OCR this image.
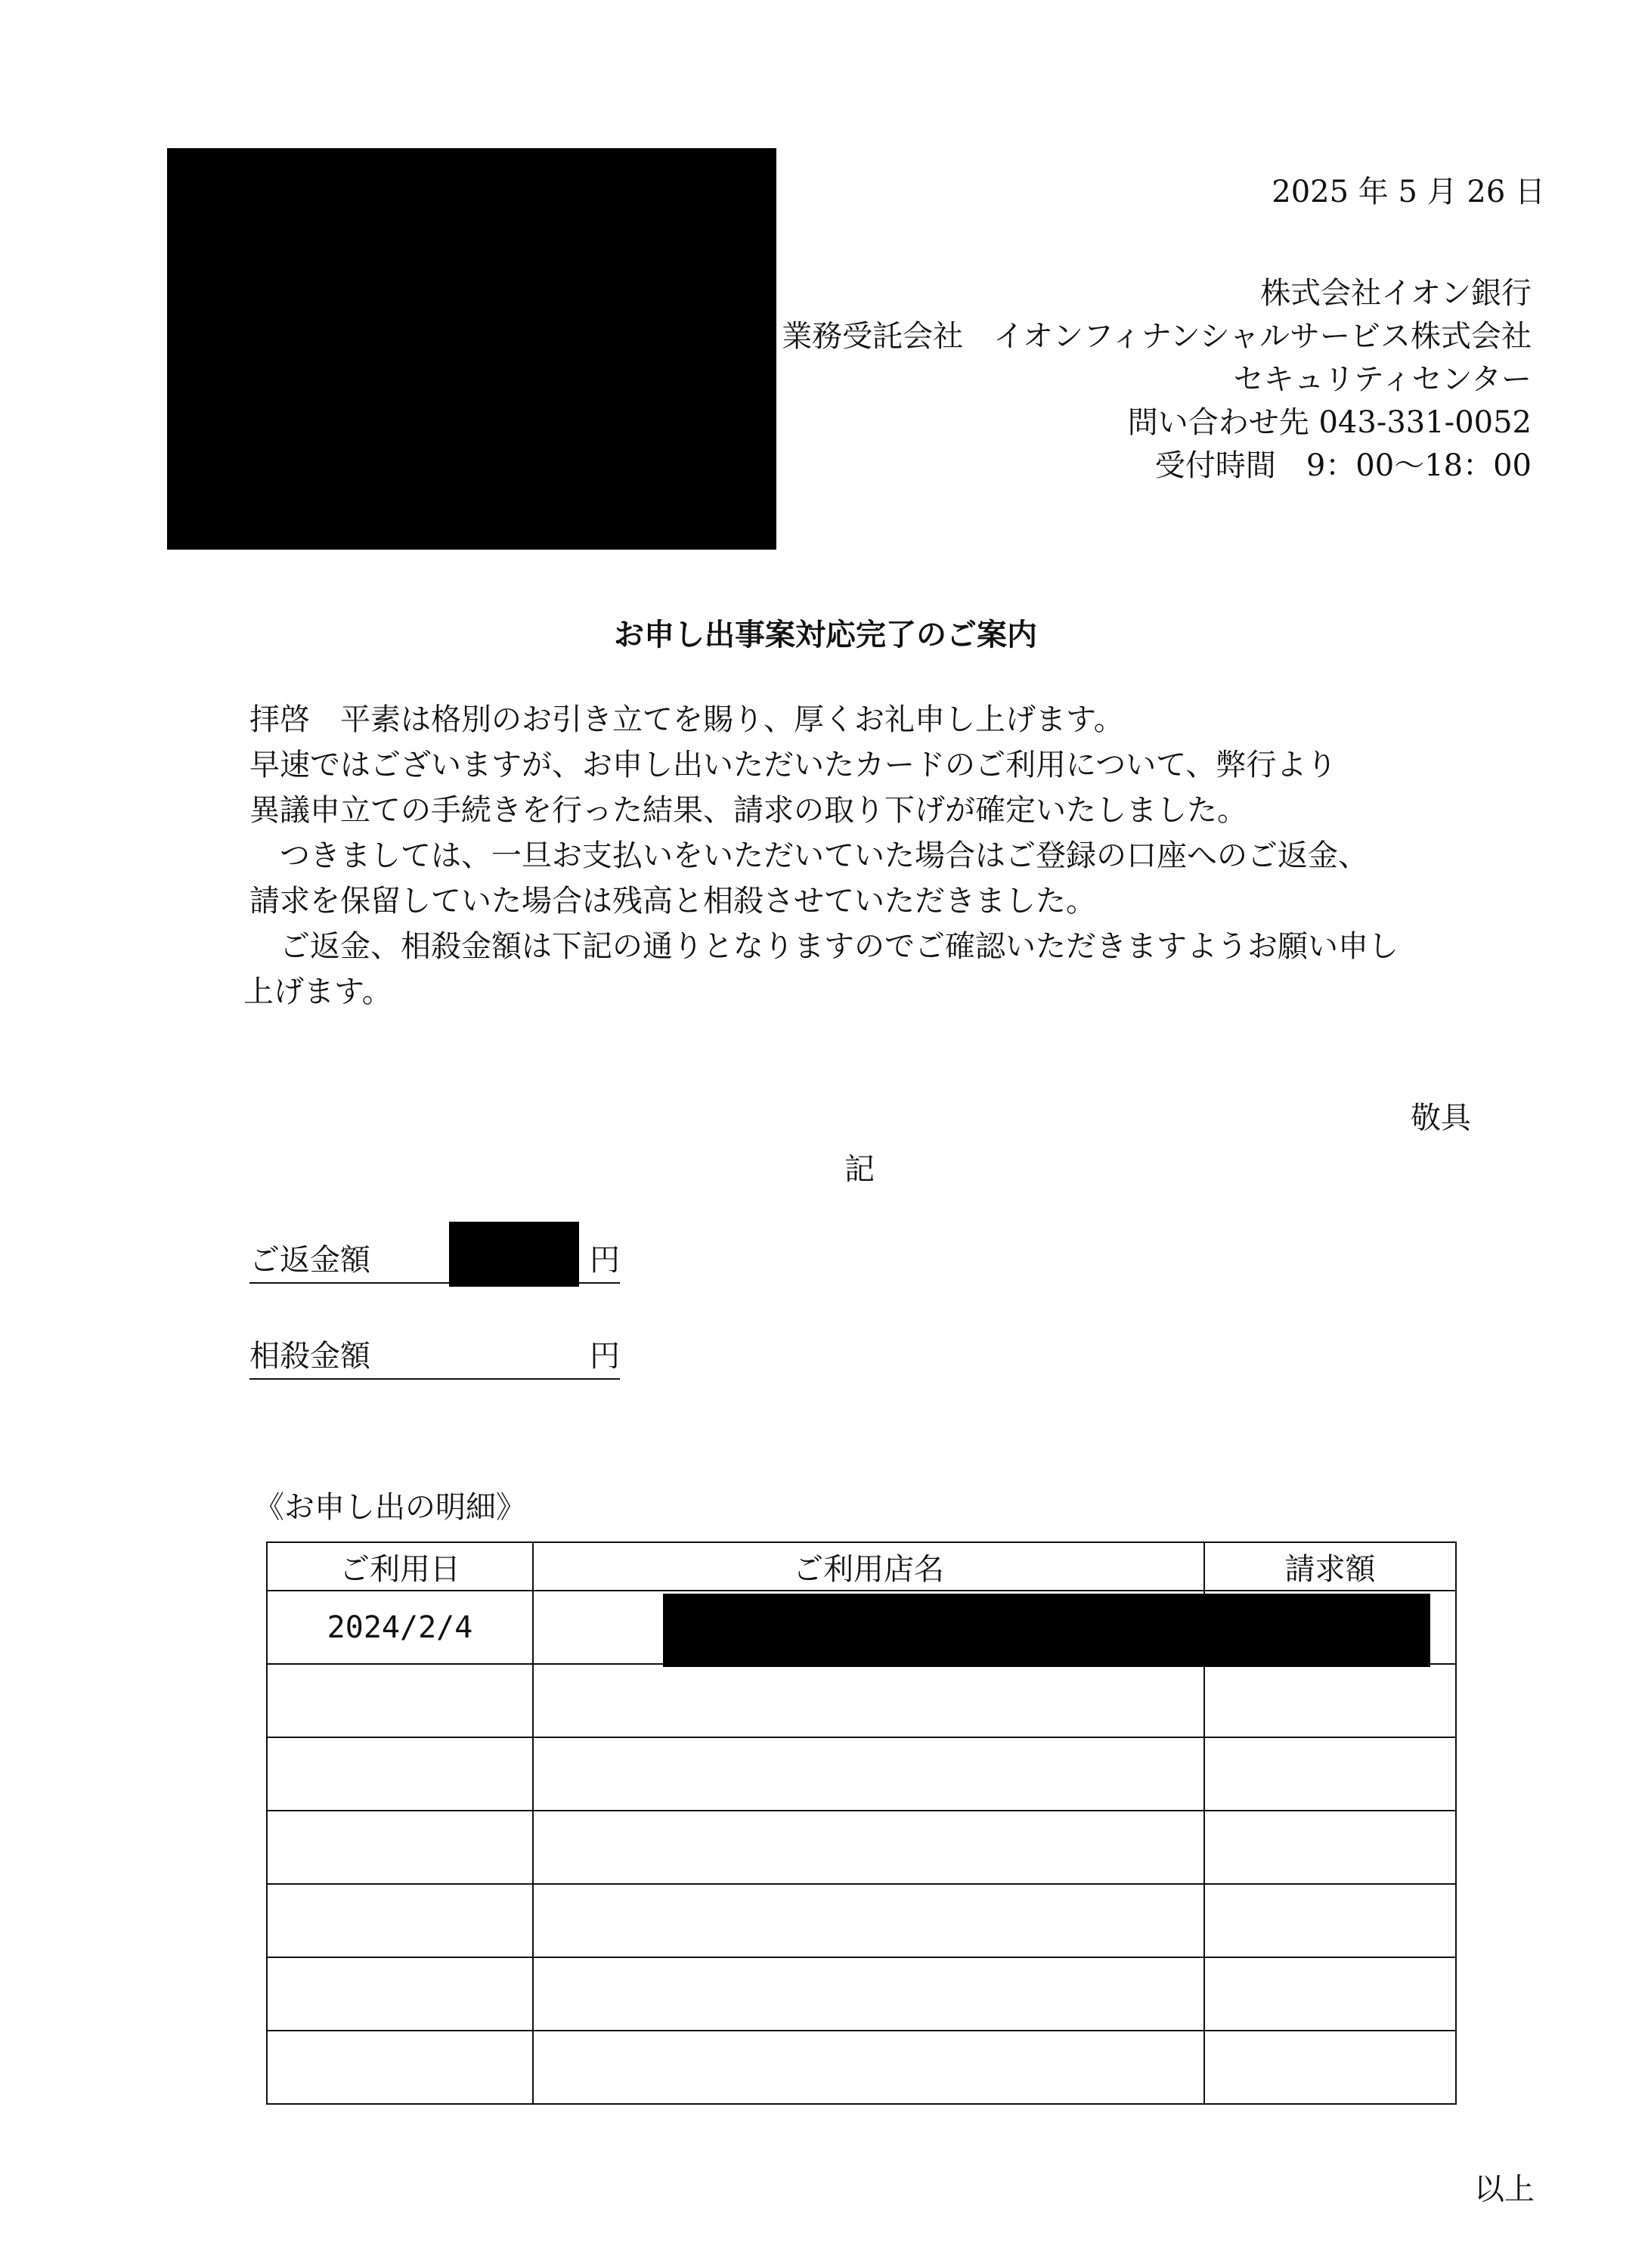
2025 年 5 月 26 日
株式会社イオン銀行
業務受託会社　イオンフィナンシャルサービス株式会社
セキュリティセンター
問い合わせ先 043-331-0052
受付時間　9：00～18：00
お申し出事案対応完了のご案内
拝啓　平素は格別のお引き立てを賜り、厚くお礼申し上げます。
早速ではございますが、お申し出いただいたカードのご利用について、弊行より
異議申立ての手続きを行った結果、請求の取り下げが確定いたしました。
つきましては、一旦お支払いをいただいていた場合はご登録の口座へのご返金、
請求を保留していた場合は残高と相殺させていただきました。
ご返金、相殺金額は下記の通りとなりますのでご確認いただきますようお願い申し
上げます。
敬具
記
ご返金額	円
相殺金額	円
《お申し出の明細》
ご利用日	ご利用店名	請求額
2024/2/4		

以上
